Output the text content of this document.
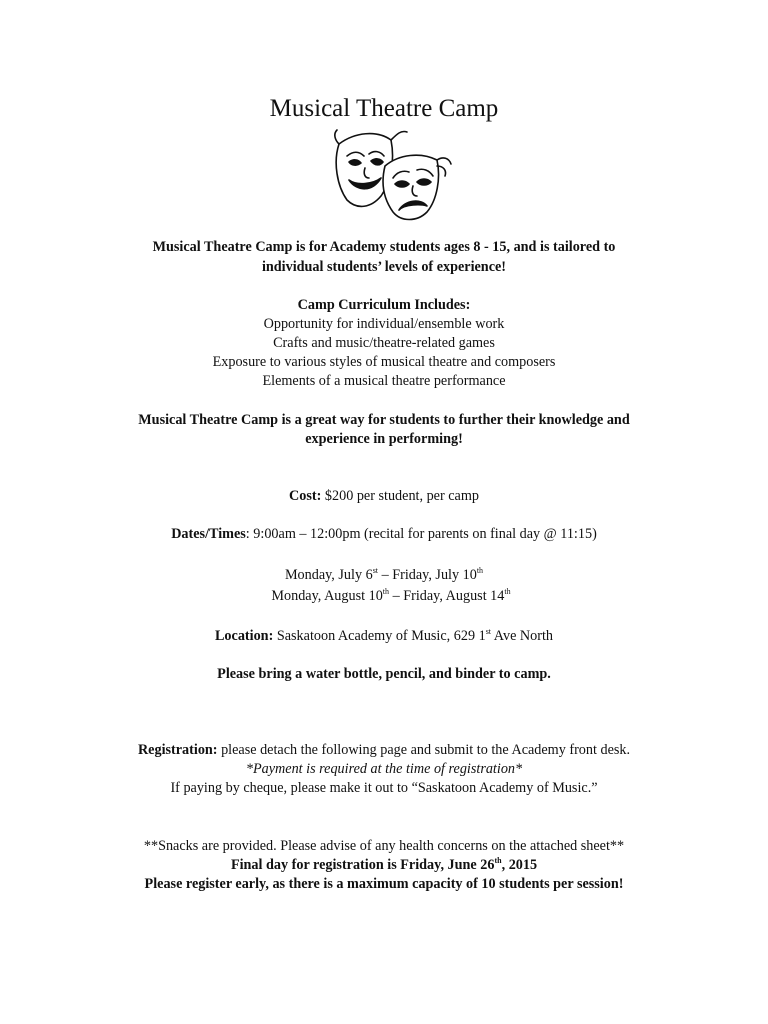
Musical Theatre Camp
Musical Theatre Camp is for Academy students ages 8 - 15, and is tailored to
individual students’ levels of experience!
Camp Curriculum Includes:
Opportunity for individual/ensemble work
Crafts and music/theatre-related games
Exposure to various styles of musical theatre and composers
Elements of a musical theatre performance
Musical Theatre Camp is a great way for students to further their knowledge and
experience in performing!
Cost: $200 per student, per camp
Dates/Times: 9:00am – 12:00pm (recital for parents on final day @ 11:15)
Monday, July 6st – Friday, July 10th
Monday, August 10th – Friday, August 14th
Location: Saskatoon Academy of Music, 629 1st Ave North
Please bring a water bottle, pencil, and binder to camp.
Registration: please detach the following page and submit to the Academy front desk.
*Payment is required at the time of registration*
If paying by cheque, please make it out to “Saskatoon Academy of Music.”
**Snacks are provided. Please advise of any health concerns on the attached sheet**
Final day for registration is Friday, June 26th, 2015
Please register early, as there is a maximum capacity of 10 students per session!
